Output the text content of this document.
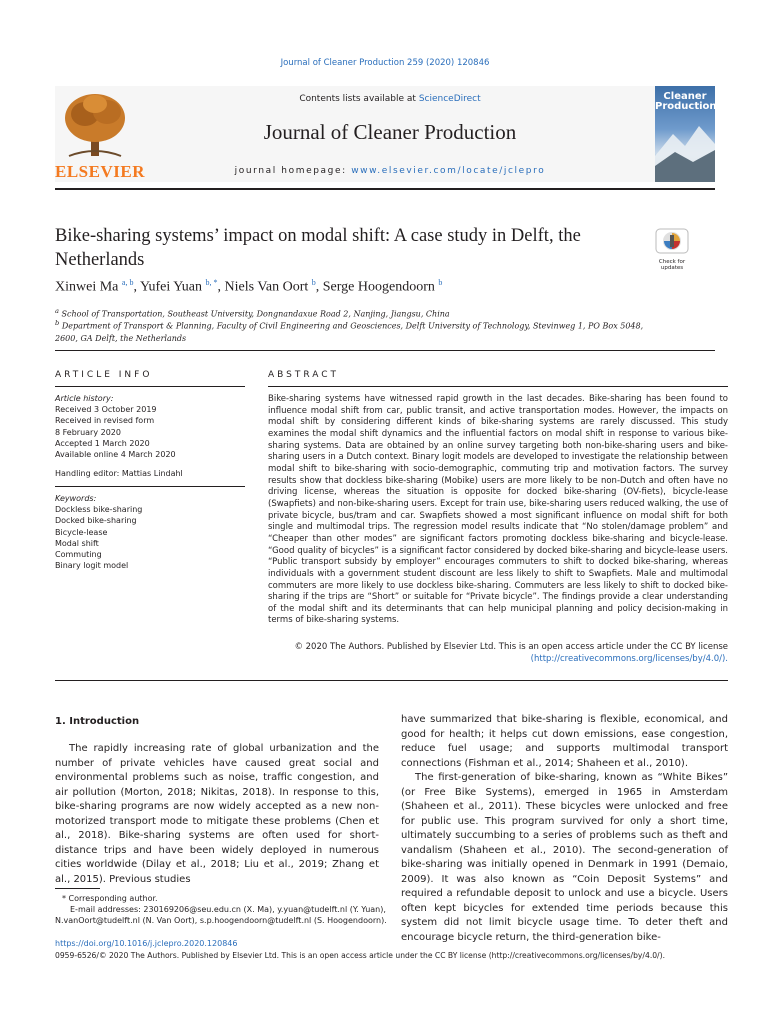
Journal of Cleaner Production 259 (2020) 120846
ELSEVIER
Contents lists available at ScienceDirect
Journal of Cleaner Production
journal homepage: www.elsevier.com/locate/jclepro
Cleaner Production
Bike-sharing systems’ impact on modal shift: A case study in Delft, the Netherlands	Check for updates
Xinwei Ma $^{a, b}$, Yufei Yuan $^{b, *}$, Niels Van Oort $^b$, Serge Hoogendoorn $^b$
$^a$ School of Transportation, Southeast University, Dongnandaxue Road 2, Nanjing, Jiangsu, China
$^b$ Department of Transport & Planning, Faculty of Civil Engineering and Geosciences, Delft University of Technology, Stevinweg 1, PO Box 5048, 2600, GA Delft, the Netherlands
ARTICLE INFO
Article history:
Received 3 October 2019
Received in revised form
8 February 2020
Accepted 1 March 2020
Available online 4 March 2020
Handling editor: Mattias Lindahl
Keywords:
Dockless bike-sharing
Docked bike-sharing
Bicycle-lease
Modal shift
Commuting
Binary logit model
ABSTRACT
Bike-sharing systems have witnessed rapid growth in the last decades. Bike-sharing has been found to influence modal shift from car, public transit, and active transportation modes. However, the impacts on modal shift by considering different kinds of bike-sharing systems are rarely discussed. This study examines the modal shift dynamics and the influential factors on modal shift in response to various bike-sharing systems. Data are obtained by an online survey targeting both non-bike-sharing users and bike-sharing users in a Dutch context. Binary logit models are developed to investigate the relationship between modal shift to bike-sharing with socio-demographic, commuting trip and motivation factors. The survey results show that dockless bike-sharing (Mobike) users are more likely to be non-Dutch and often have no driving license, whereas the situation is opposite for docked bike-sharing (OV-fiets), bicycle-lease (Swapfiets) and non-bike-sharing users. Except for train use, bike-sharing users reduced walking, the use of private bicycle, bus/tram and car. Swapfiets showed a most significant influence on modal shift for both single and multimodal trips. The regression model results indicate that “No stolen/damage problem” and “Cheaper than other modes” are significant factors promoting dockless bike-sharing and bicycle-lease. “Good quality of bicycles” is a significant factor considered by docked bike-sharing and bicycle-lease users. “Public transport subsidy by employer” encourages commuters to shift to docked bike-sharing, whereas individuals with a government student discount are less likely to shift to Swapfiets. Male and multimodal commuters are more likely to use dockless bike-sharing. Commuters are less likely to shift to docked bike-sharing if the trips are “Short” or suitable for “Private bicycle”. The findings provide a clear understanding of the modal shift and its determinants that can help municipal planning and policy decision-making in terms of bike-sharing systems.
© 2020 The Authors. Published by Elsevier Ltd. This is an open access article under the CC BY license
(http://creativecommons.org/licenses/by/4.0/).
1. Introduction
The rapidly increasing rate of global urbanization and the number of private vehicles have caused great social and environmental problems such as noise, traffic congestion, and air pollution (Morton, 2018; Nikitas, 2018). In response to this, bike-sharing programs are now widely accepted as a new non-motorized transport mode to mitigate these problems (Chen et al., 2018). Bike-sharing systems are often used for short-distance trips and have been widely deployed in numerous cities worldwide (Dilay et al., 2018; Liu et al., 2019; Zhang et al., 2015). Previous studies
have summarized that bike-sharing is flexible, economical, and good for health; it helps cut down emissions, ease congestion, reduce fuel usage; and supports multimodal transport connections (Fishman et al., 2014; Shaheen et al., 2010).
The first-generation of bike-sharing, known as “White Bikes” (or Free Bike Systems), emerged in 1965 in Amsterdam (Shaheen et al., 2011). These bicycles were unlocked and free for public use. This program survived for only a short time, ultimately succumbing to a series of problems such as theft and vandalism (Shaheen et al., 2010). The second-generation of bike-sharing was initially opened in Denmark in 1991 (Demaio, 2009). It was also known as “Coin Deposit Systems” and required a refundable deposit to unlock and use a bicycle. Users often kept bicycles for extended time periods because this system did not limit bicycle usage time. To deter theft and encourage bicycle return, the third-generation bike-
* Corresponding author.
E-mail addresses: 230169206@seu.edu.cn (X. Ma), y.yuan@tudelft.nl (Y. Yuan),
N.vanOort@tudelft.nl (N. Van Oort), s.p.hoogendoorn@tudelft.nl (S. Hoogendoorn).
https://doi.org/10.1016/j.jclepro.2020.120846
0959-6526/© 2020 The Authors. Published by Elsevier Ltd. This is an open access article under the CC BY license (http://creativecommons.org/licenses/by/4.0/).
